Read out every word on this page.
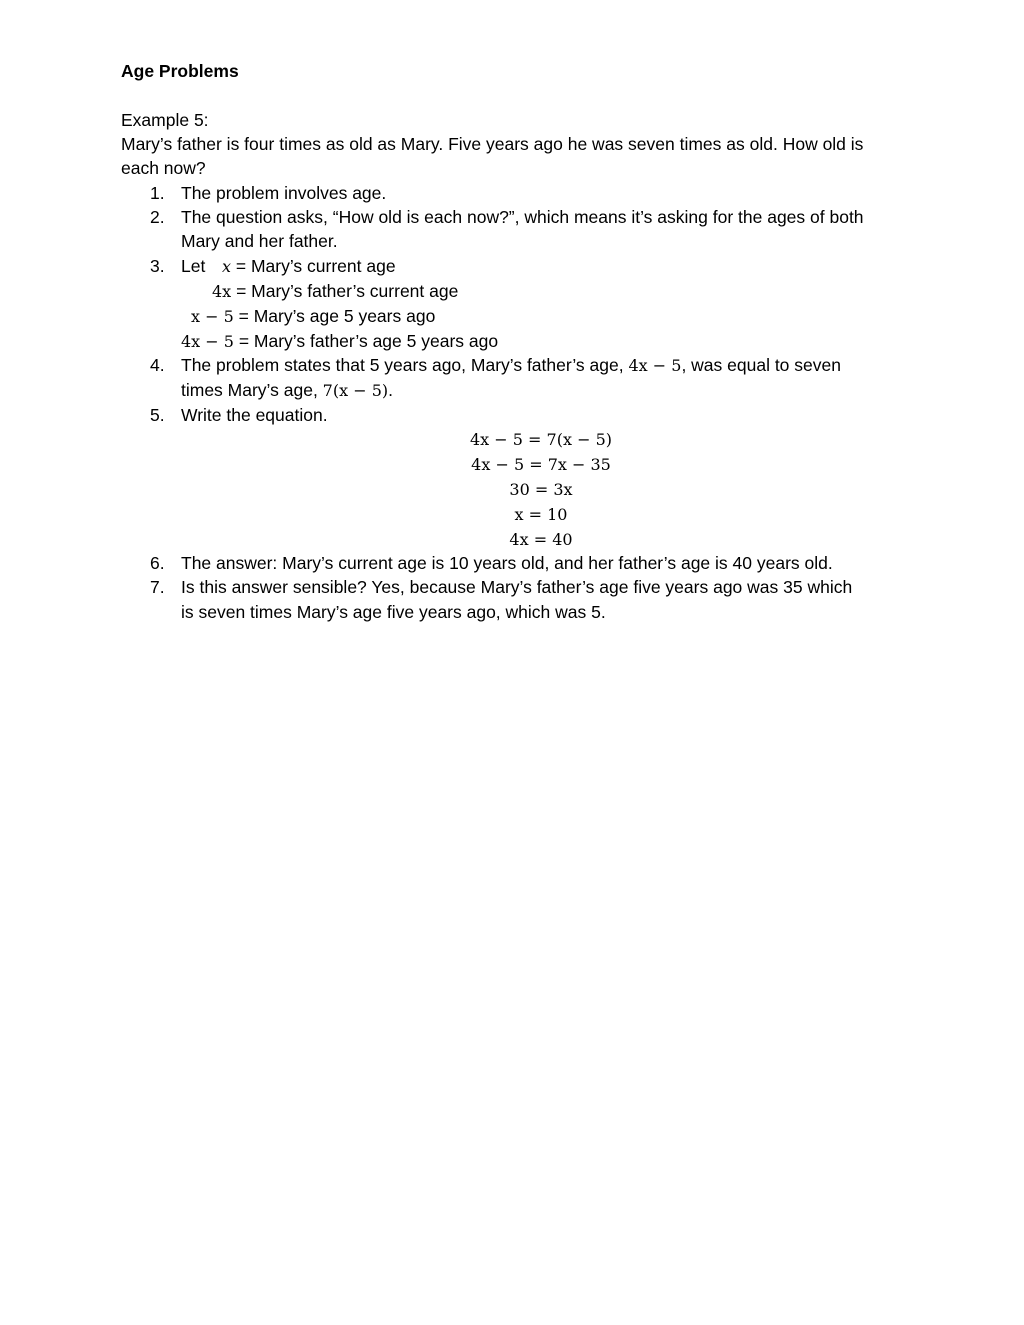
Age Problems
Example 5:
Mary’s father is four times as old as Mary. Five years ago he was seven times as old. How old is
each now?
1. The problem involves age.
2. The question asks, “How old is each now?”, which means it’s asking for the ages of both
Mary and her father.
3. Let x = Mary’s current age
4x = Mary’s father’s current age
x − 5 = Mary’s age 5 years ago
4x − 5 = Mary’s father’s age 5 years ago
4. The problem states that 5 years ago, Mary’s father’s age, 4x − 5, was equal to seven
times Mary’s age, 7(x − 5).
5. Write the equation.
4x − 5 = 7(x − 5)
4x − 5 = 7x − 35
30 = 3x
x = 10
4x = 40
6. The answer: Mary’s current age is 10 years old, and her father’s age is 40 years old.
7. Is this answer sensible? Yes, because Mary’s father’s age five years ago was 35 which
is seven times Mary’s age five years ago, which was 5.
